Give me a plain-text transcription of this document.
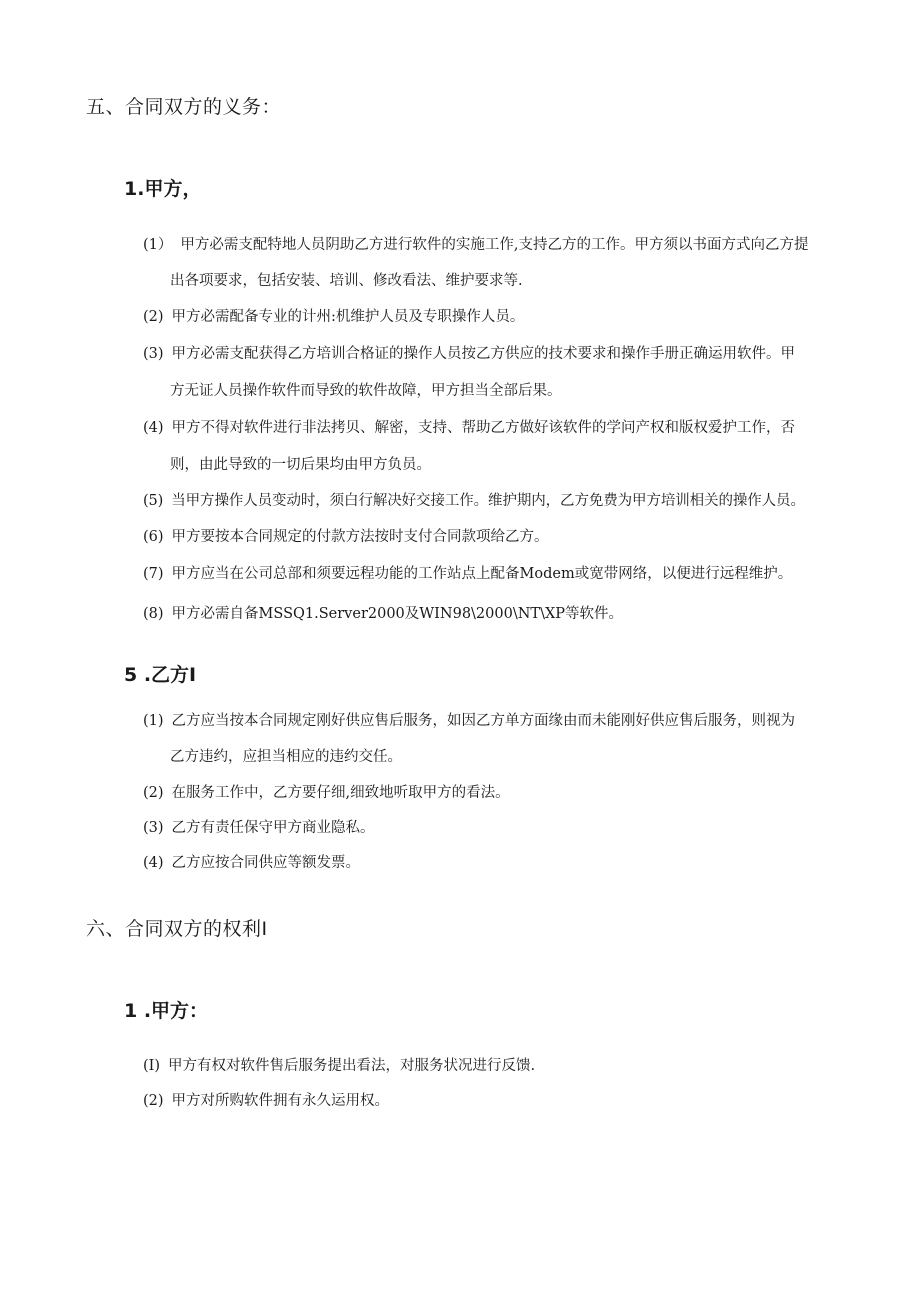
五、合同双方的义务：
1.甲方，
(1） 甲方必需支配特地人员阴助乙方进行软件的实施工作,支持乙方的工作。甲方须以书面方式向乙方提
出各项要求，包括安装、培训、修改看法、维护要求等.
(2) 甲方必需配备专业的计州:机维护人员及专职操作人员。
(3) 甲方必需支配获得乙方培训合格证的操作人员按乙方供应的技术要求和操作手册正确运用软件。甲
方无证人员操作软件而导致的软件故障，甲方担当全部后果。
(4) 甲方不得对软件进行非法拷贝、解密，支持、帮助乙方做好该软件的学问产权和版权爱护工作，否
则，由此导致的一切后果均由甲方负员。
(5) 当甲方操作人员变动时，须白行解决好交接工作。维护期内，乙方免费为甲方培训相关的操作人员。
(6) 甲方要按本合同规定的付款方法按时支付合同款项给乙方。
(7) 甲方应当在公司总部和须要远程功能的工作站点上配备Modem或宽带网络，以便进行远程维护。
(8) 甲方必需自备MSSQ1.Server2000及WIN98\2000\NT\XP等软件。
5 .乙方I
(1) 乙方应当按本合同规定刚好供应售后服务，如因乙方单方面缘由而未能刚好供应售后服务，则视为
乙方违约，应担当相应的违约交任。
(2) 在服务工作中，乙方要仔细,细致地听取甲方的看法。
(3) 乙方有责任保守甲方商业隐私。
(4) 乙方应按合同供应等额发票。
六、合同双方的权利I
1 .甲方：
(I) 甲方有权对软件售后服务提出看法，对服务状况进行反馈.
(2) 甲方对所购软件拥有永久运用权。
